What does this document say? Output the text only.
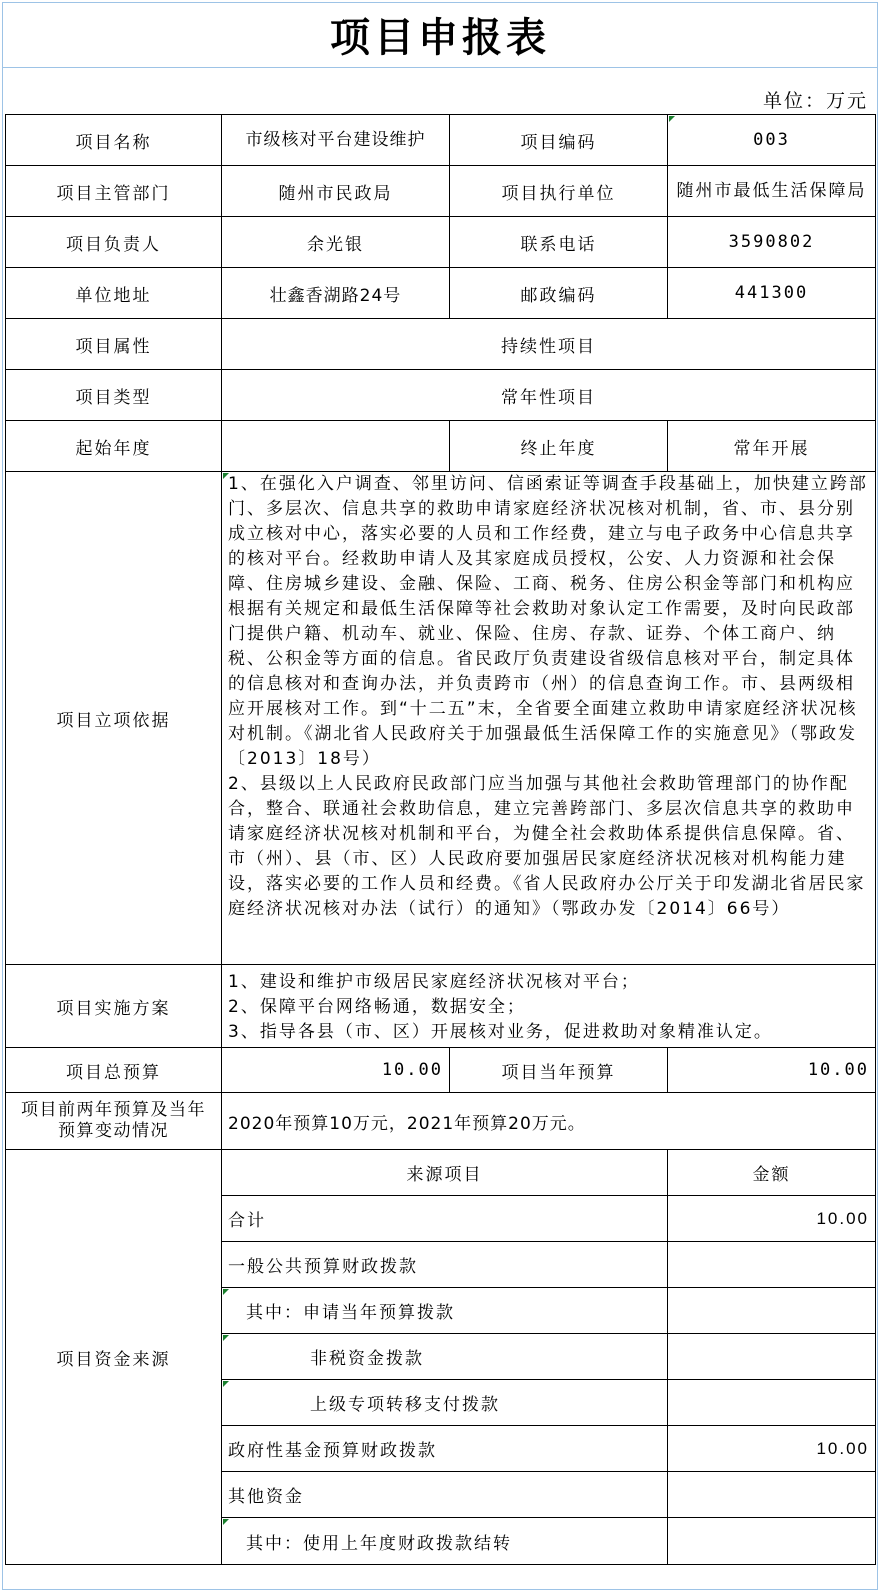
项目申报表
单位：万元
项目名称	市级核对平台建设维护	项目编码	003
项目主管部门	随州市民政局	项目执行单位	随州市最低生活保障局
项目负责人	余光银	联系电话	3590802
单位地址	壮鑫香湖路24号	邮政编码	441300
项目属性	持续性项目		
项目类型	常年性项目		
起始年度		终止年度	常年开展
项目立项依据	1、在强化入户调查、邻里访问、信函索证等调查手段基础上，加快建立跨部门、多层次、信息共享的救助申请家庭经济状况核对机制，省、市、县分别成立核对中心，落实必要的人员和工作经费，建立与电子政务中心信息共享的核对平台。经救助申请人及其家庭成员授权，公安、人力资源和社会保障、住房城乡建设、金融、保险、工商、税务、住房公积金等部门和机构应根据有关规定和最低生活保障等社会救助对象认定工作需要，及时向民政部门提供户籍、机动车、就业、保险、住房、存款、证券、个体工商户、纳税、公积金等方面的信息。省民政厅负责建设省级信息核对平台，制定具体的信息核对和查询办法，并负责跨市（州）的信息查询工作。市、县两级相应开展核对工作。到“十二五”末，全省要全面建立救助申请家庭经济状况核对机制。《湖北省人民政府关于加强最低生活保障工作的实施意见》（鄂政发〔2013〕18号）
2、县级以上人民政府民政部门应当加强与其他社会救助管理部门的协作配合，整合、联通社会救助信息，建立完善跨部门、多层次信息共享的救助申请家庭经济状况核对机制和平台，为健全社会救助体系提供信息保障。省、市（州）、县（市、区）人民政府要加强居民家庭经济状况核对机构能力建设，落实必要的工作人员和经费。《省人民政府办公厅关于印发湖北省居民家庭经济状况核对办法（试行）的通知》（鄂政办发〔2014〕66号）		

项目实施方案	1、建设和维护市级居民家庭经济状况核对平台；
2、保障平台网络畅通，数据安全；
3、指导各县（市、区）开展核对业务，促进救助对象精准认定。		

项目总预算	10.00	项目当年预算	10.00
项目前两年预算及当年预算变动情况	2020年预算10万元，2021年预算20万元。		
项目资金来源	来源项目		金额
	合计		10.00
	一般公共预算财政拨款		
	其中：申请当年预算拨款		
	非税资金拨款		
	上级专项转移支付拨款		
	政府性基金预算财政拨款		10.00
	其他资金		
	其中：使用上年度财政拨款结转		
